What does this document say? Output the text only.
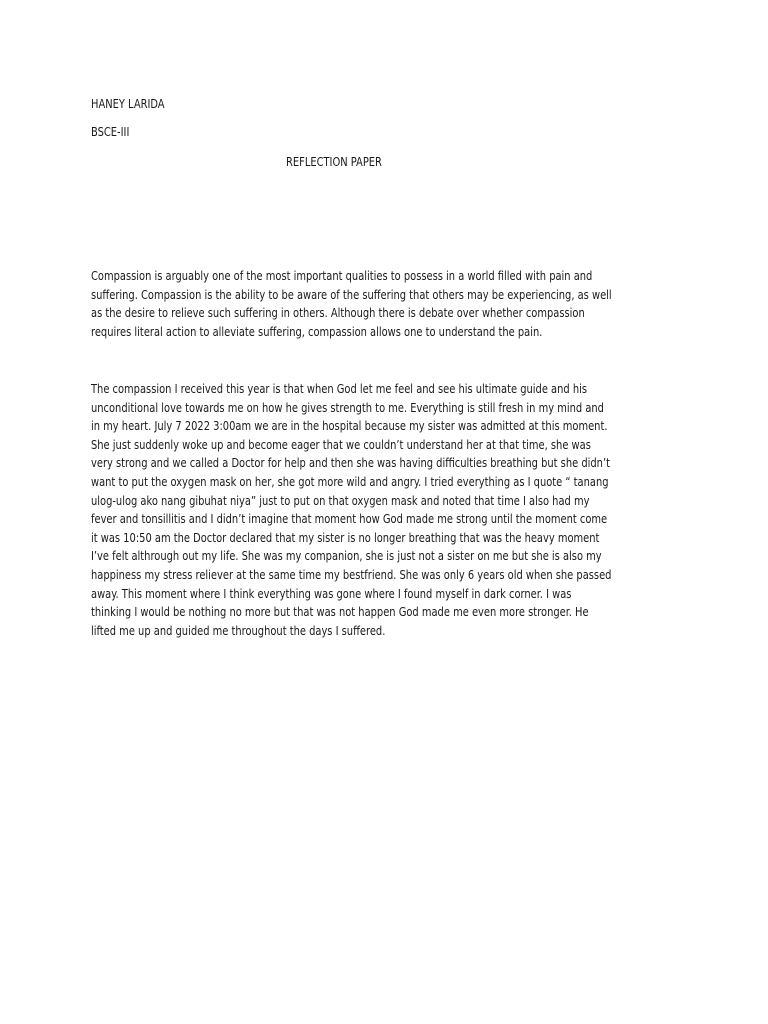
HANEY LARIDA
BSCE-III
REFLECTION PAPER
Compassion is arguably one of the most important qualities to possess in a world filled with pain and
suffering. Compassion is the ability to be aware of the suffering that others may be experiencing, as well
as the desire to relieve such suffering in others. Although there is debate over whether compassion
requires literal action to alleviate suffering, compassion allows one to understand the pain.
The compassion I received this year is that when God let me feel and see his ultimate guide and his
unconditional love towards me on how he gives strength to me. Everything is still fresh in my mind and
in my heart. July 7 2022 3:00am we are in the hospital because my sister was admitted at this moment.
She just suddenly woke up and become eager that we couldn’t understand her at that time, she was
very strong and we called a Doctor for help and then she was having difficulties breathing but she didn’t
want to put the oxygen mask on her, she got more wild and angry. I tried everything as I quote “ tanang
ulog-ulog ako nang gibuhat niya” just to put on that oxygen mask and noted that time I also had my
fever and tonsillitis and I didn’t imagine that moment how God made me strong until the moment come
it was 10:50 am the Doctor declared that my sister is no longer breathing that was the heavy moment
I’ve felt althrough out my life. She was my companion, she is just not a sister on me but she is also my
happiness my stress reliever at the same time my bestfriend. She was only 6 years old when she passed
away. This moment where I think everything was gone where I found myself in dark corner. I was
thinking I would be nothing no more but that was not happen God made me even more stronger. He
lifted me up and guided me throughout the days I suffered.
